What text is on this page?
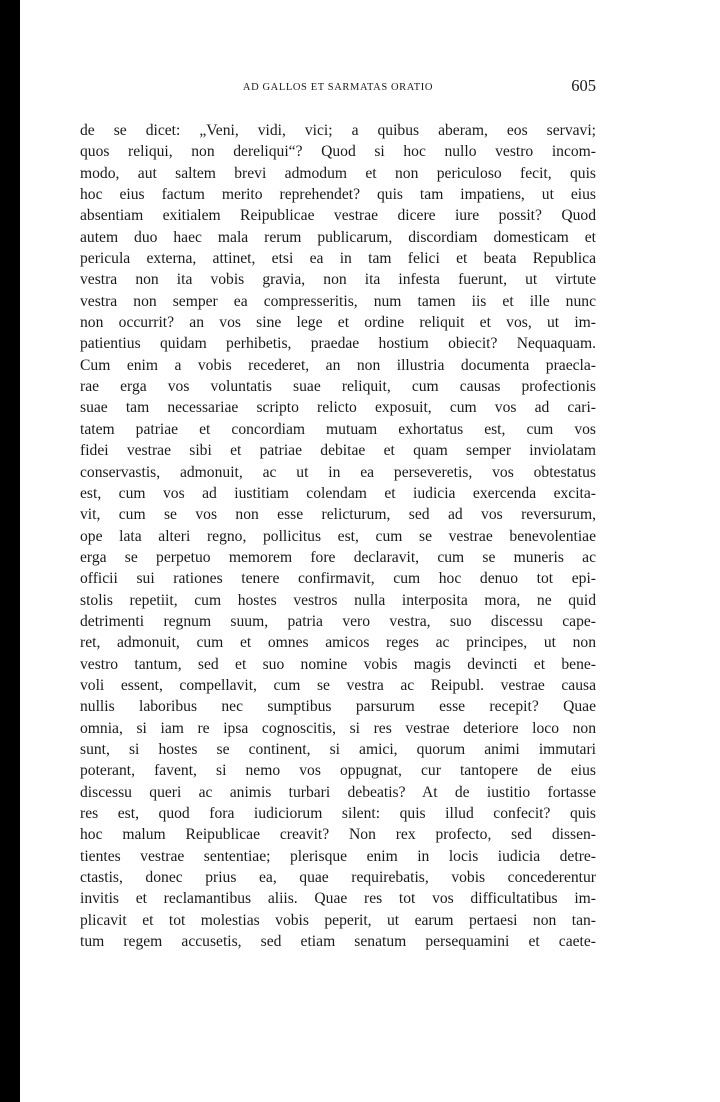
AD GALLOS ET SARMATAS ORATIO	605
de se dicet: „Veni, vidi, vici; a quibus aberam, eos servavi;
quos reliqui, non dereliqui“? Quod si hoc nullo vestro incom-
modo, aut saltem brevi admodum et non periculoso fecit, quis
hoc eius factum merito reprehendet? quis tam impatiens, ut eius
absentiam exitialem Reipublicae vestrae dicere iure possit? Quod
autem duo haec mala rerum publicarum, discordiam domesticam et
pericula externa, attinet, etsi ea in tam felici et beata Republica
vestra non ita vobis gravia, non ita infesta fuerunt, ut virtute
vestra non semper ea compresseritis, num tamen iis et ille nunc
non occurrit? an vos sine lege et ordine reliquit et vos, ut im-
patientius quidam perhibetis, praedae hostium obiecit? Nequaquam.
Cum enim a vobis recederet, an non illustria documenta praecla-
rae erga vos voluntatis suae reliquit, cum causas profectionis
suae tam necessariae scripto relicto exposuit, cum vos ad cari-
tatem patriae et concordiam mutuam exhortatus est, cum vos
fidei vestrae sibi et patriae debitae et quam semper inviolatam
conservastis, admonuit, ac ut in ea perseveretis, vos obtestatus
est, cum vos ad iustitiam colendam et iudicia exercenda excita-
vit, cum se vos non esse relicturum, sed ad vos reversurum,
ope lata alteri regno, pollicitus est, cum se vestrae benevolentiae
erga se perpetuo memorem fore declaravit, cum se muneris ac
officii sui rationes tenere confirmavit, cum hoc denuo tot epi-
stolis repetiit, cum hostes vestros nulla interposita mora, ne quid
detrimenti regnum suum, patria vero vestra, suo discessu cape-
ret, admonuit, cum et omnes amicos reges ac principes, ut non
vestro tantum, sed et suo nomine vobis magis devincti et bene-
voli essent, compellavit, cum se vestra ac Reipubl. vestrae causa
nullis laboribus nec sumptibus parsurum esse recepit? Quae
omnia, si iam re ipsa cognoscitis, si res vestrae deteriore loco non
sunt, si hostes se continent, si amici, quorum animi immutari
poterant, favent, si nemo vos oppugnat, cur tantopere de eius
discessu queri ac animis turbari debeatis? At de iustitio fortasse
res est, quod fora iudiciorum silent: quis illud confecit? quis
hoc malum Reipublicae creavit? Non rex profecto, sed dissen-
tientes vestrae sententiae; plerisque enim in locis iudicia detre-
ctastis, donec prius ea, quae requirebatis, vobis concederentur
invitis et reclamantibus aliis. Quae res tot vos difficultatibus im-
plicavit et tot molestias vobis peperit, ut earum pertaesi non tan-
tum regem accusetis, sed etiam senatum persequamini et caete-
